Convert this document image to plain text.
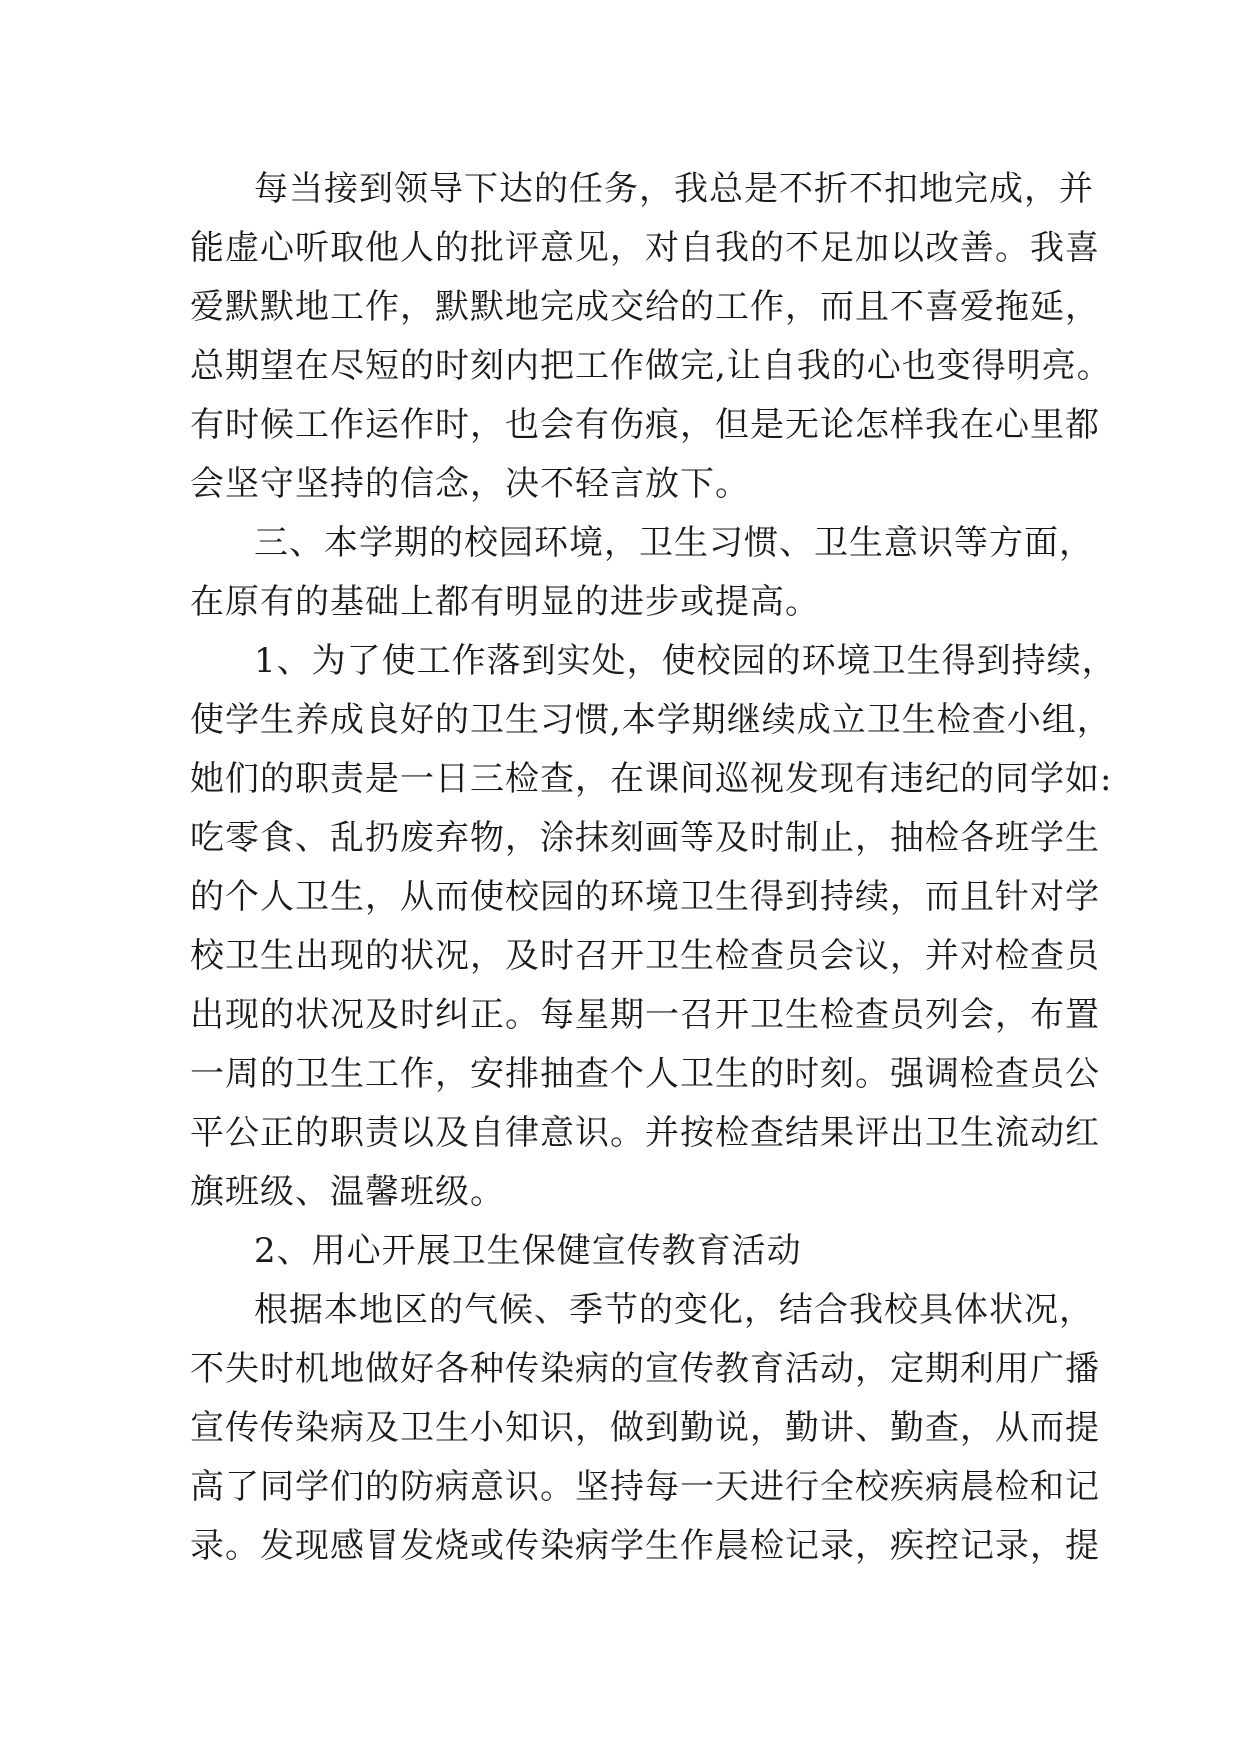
每当接到领导下达的任务，我总是不折不扣地完成，并
能虚心听取他人的批评意见，对自我的不足加以改善。我喜
爱默默地工作，默默地完成交给的工作，而且不喜爱拖延，
总期望在尽短的时刻内把工作做完,让自我的心也变得明亮。
有时候工作运作时，也会有伤痕，但是无论怎样我在心里都
会坚守坚持的信念，决不轻言放下。
三、本学期的校园环境，卫生习惯、卫生意识等方面，
在原有的基础上都有明显的进步或提高。
1、为了使工作落到实处，使校园的环境卫生得到持续，
使学生养成良好的卫生习惯,本学期继续成立卫生检查小组，
她们的职责是一日三检查，在课间巡视发现有违纪的同学如:
吃零食、乱扔废弃物，涂抹刻画等及时制止，抽检各班学生
的个人卫生，从而使校园的环境卫生得到持续，而且针对学
校卫生出现的状况，及时召开卫生检查员会议，并对检查员
出现的状况及时纠正。每星期一召开卫生检查员列会，布置
一周的卫生工作，安排抽查个人卫生的时刻。强调检查员公
平公正的职责以及自律意识。并按检查结果评出卫生流动红
旗班级、温馨班级。
2、用心开展卫生保健宣传教育活动
根据本地区的气候、季节的变化，结合我校具体状况，
不失时机地做好各种传染病的宣传教育活动，定期利用广播
宣传传染病及卫生小知识，做到勤说，勤讲、勤查，从而提
高了同学们的防病意识。坚持每一天进行全校疾病晨检和记
录。发现感冒发烧或传染病学生作晨检记录，疾控记录，提
